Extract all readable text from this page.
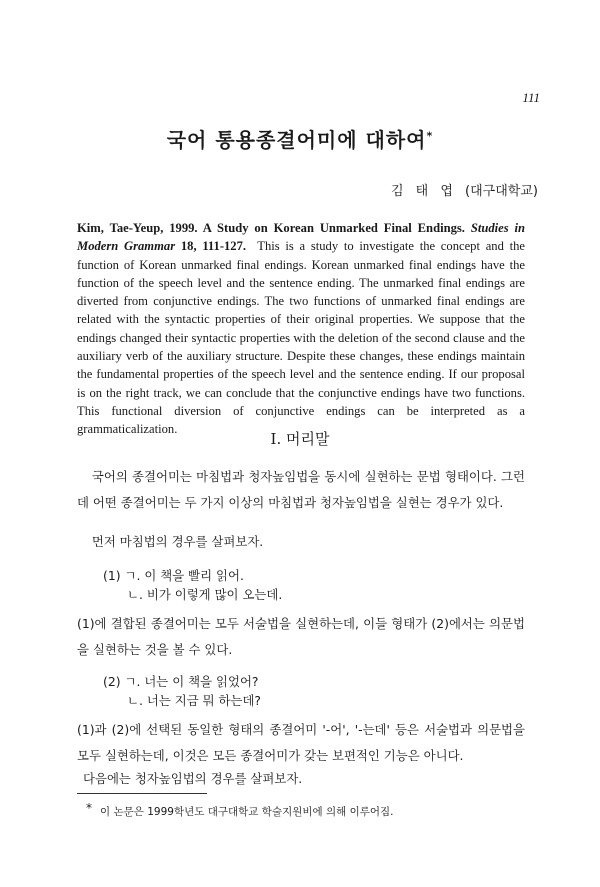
111
국어 통용종결어미에 대하여*
김 태 엽 (대구대학교)

Kim, Tae-Yeup, 1999. A Study on Korean Unmarked Final Endings. Studies in Modern Grammar 18, 111-127. This is a study to investigate the concept and the function of Korean unmarked final endings. Korean unmarked final endings have the function of the speech level and the sentence ending. The unmarked final endings are diverted from conjunctive endings. The two functions of unmarked final endings are related with the syntactic properties of their original properties. We suppose that the endings changed their syntactic properties with the deletion of the second clause and the auxiliary verb of the auxiliary structure. Despite these changes, these endings maintain the fundamental properties of the speech level and the sentence ending. If our proposal is on the right track, we can conclude that the conjunctive endings have two functions. This functional diversion of conjunctive endings can be interpreted as a grammaticalization.

I. 머리말

국어의 종결어미는 마침법과 청자높임법을 동시에 실현하는 문법 형태이다. 그런데 어떤 종결어미는 두 가지 이상의 마침법과 청자높임법을 실현는 경우가 있다.

먼저 마침법의 경우를 살펴보자.

(1) ㄱ. 이 책을 빨리 읽어.
ㄴ. 비가 이렇게 많이 오는데.

(1)에 결합된 종결어미는 모두 서술법을 실현하는데, 이들 형태가 (2)에서는 의문법을 실현하는 것을 볼 수 있다.

(2) ㄱ. 너는 이 책을 읽었어?
ㄴ. 너는 지금 뭐 하는데?

(1)과 (2)에 선택된 동일한 형태의 종결어미 '-어', '-는데' 등은 서술법과 의문법을 모두 실현하는데, 이것은 모든 종결어미가 갖는 보편적인 기능은 아니다.

다음에는 청자높임법의 경우를 살펴보자.

* 이 논문은 1999학년도 대구대학교 학술지원비에 의해 이루어짐.
